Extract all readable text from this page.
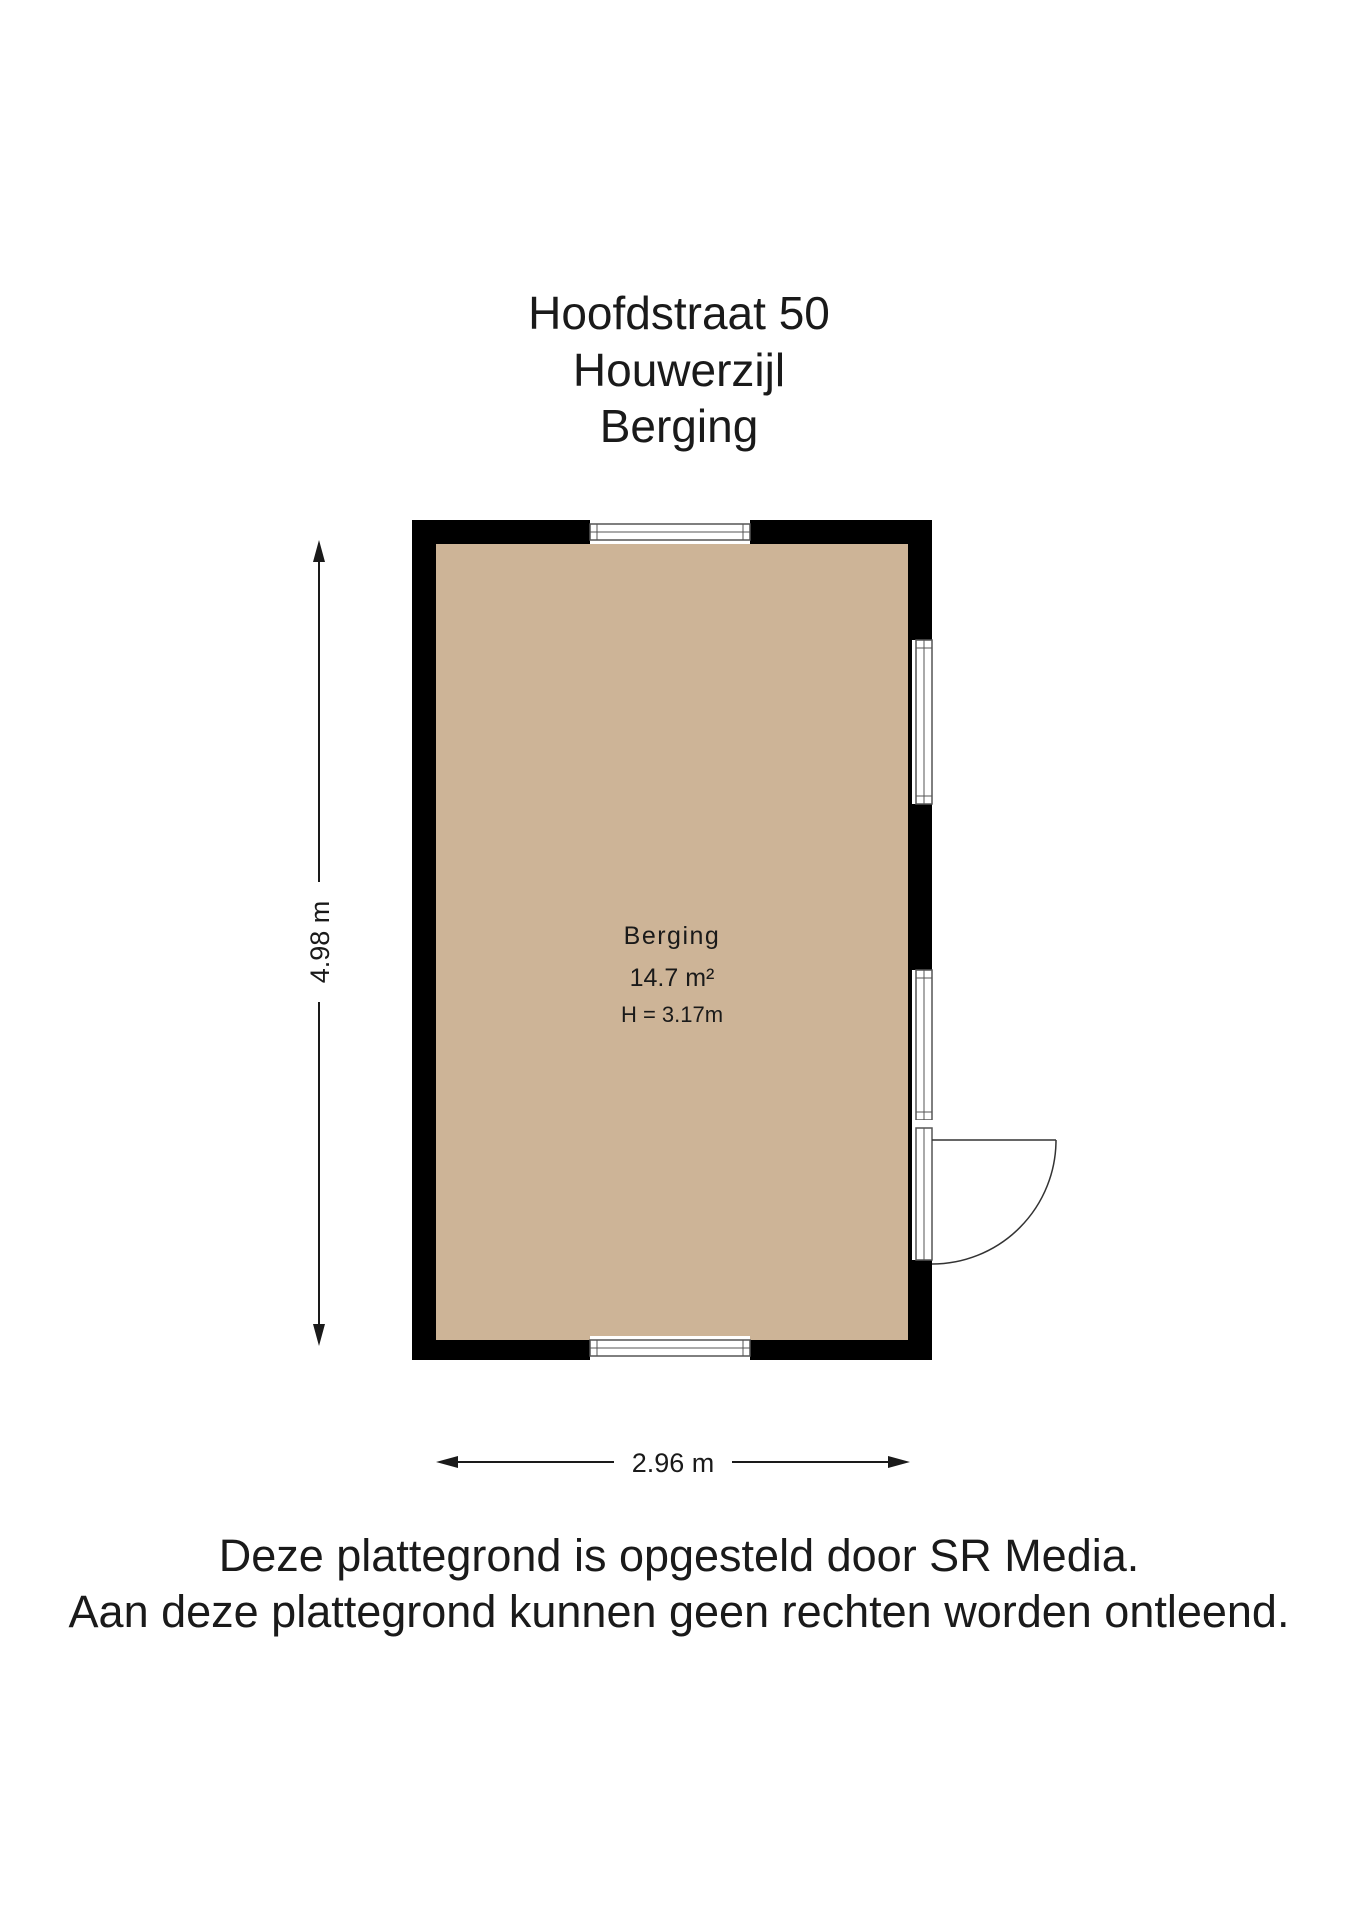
Hoofdstraat 50
Houwerzijl
Berging
Berging
14.7 m²
H = 3.17m
4.98 m
2.96 m
Deze plattegrond is opgesteld door SR Media.
Aan deze plattegrond kunnen geen rechten worden ontleend.
